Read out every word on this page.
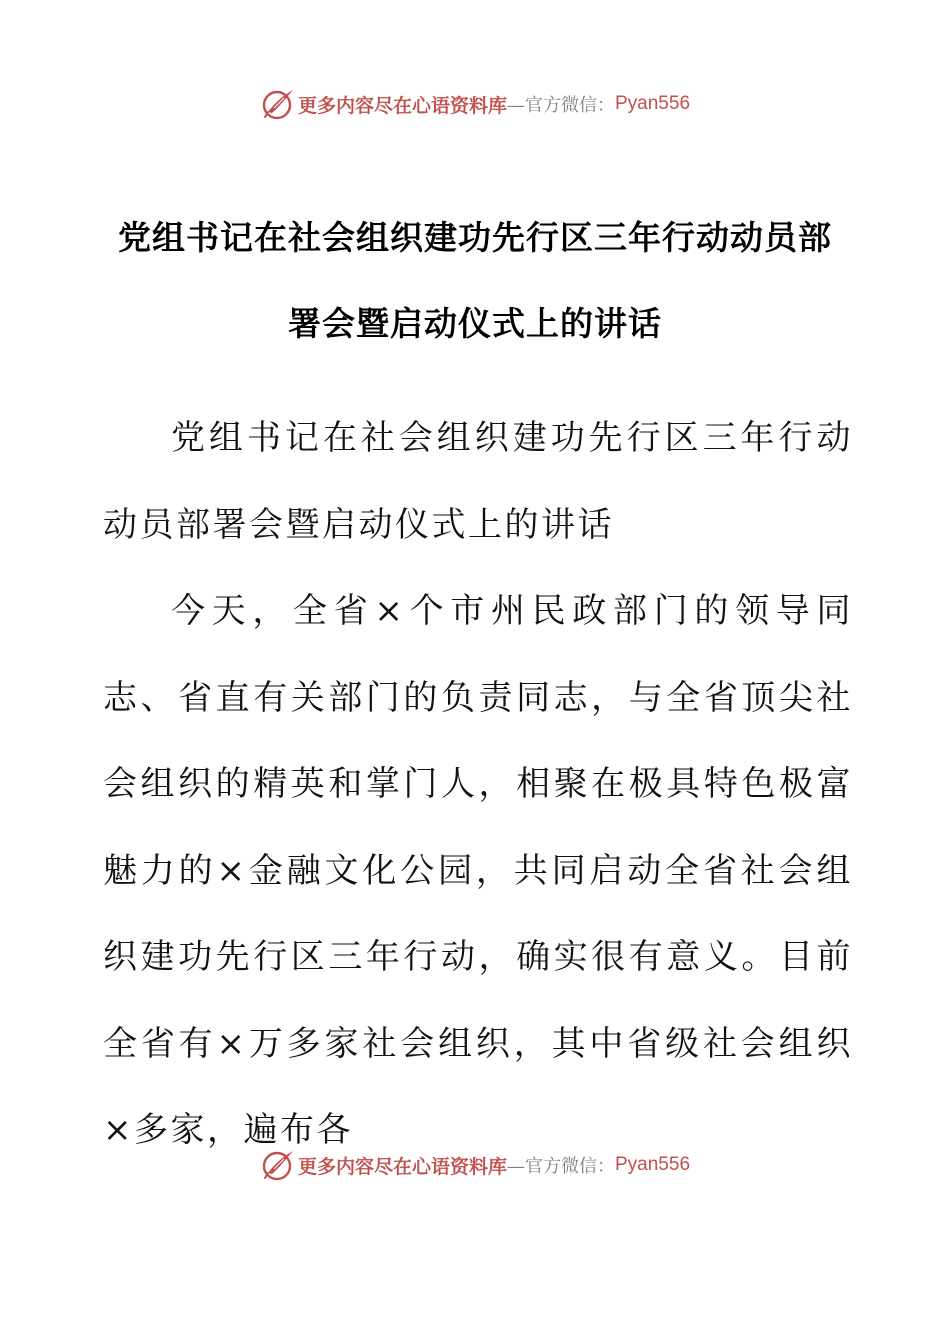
更多内容尽在心语资料库 —官方微信： Pyan556
党组书记在社会组织建功先行区三年行动动员部
署会暨启动仪式上的讲话

党组书记在社会组织建功先行区三年行动动员部署会暨启动仪式上的讲话

今天，全省×个市州民政部门的领导同志、省直有关部门的负责同志，与全省顶尖社会组织的精英和掌门人，相聚在极具特色极富魅力的×金融文化公园，共同启动全省社会组织建功先行区三年行动，确实很有意义。目前全省有×万多家社会组织，其中省级社会组织×多家，遍布各

更多内容尽在心语资料库 —官方微信： Pyan556
